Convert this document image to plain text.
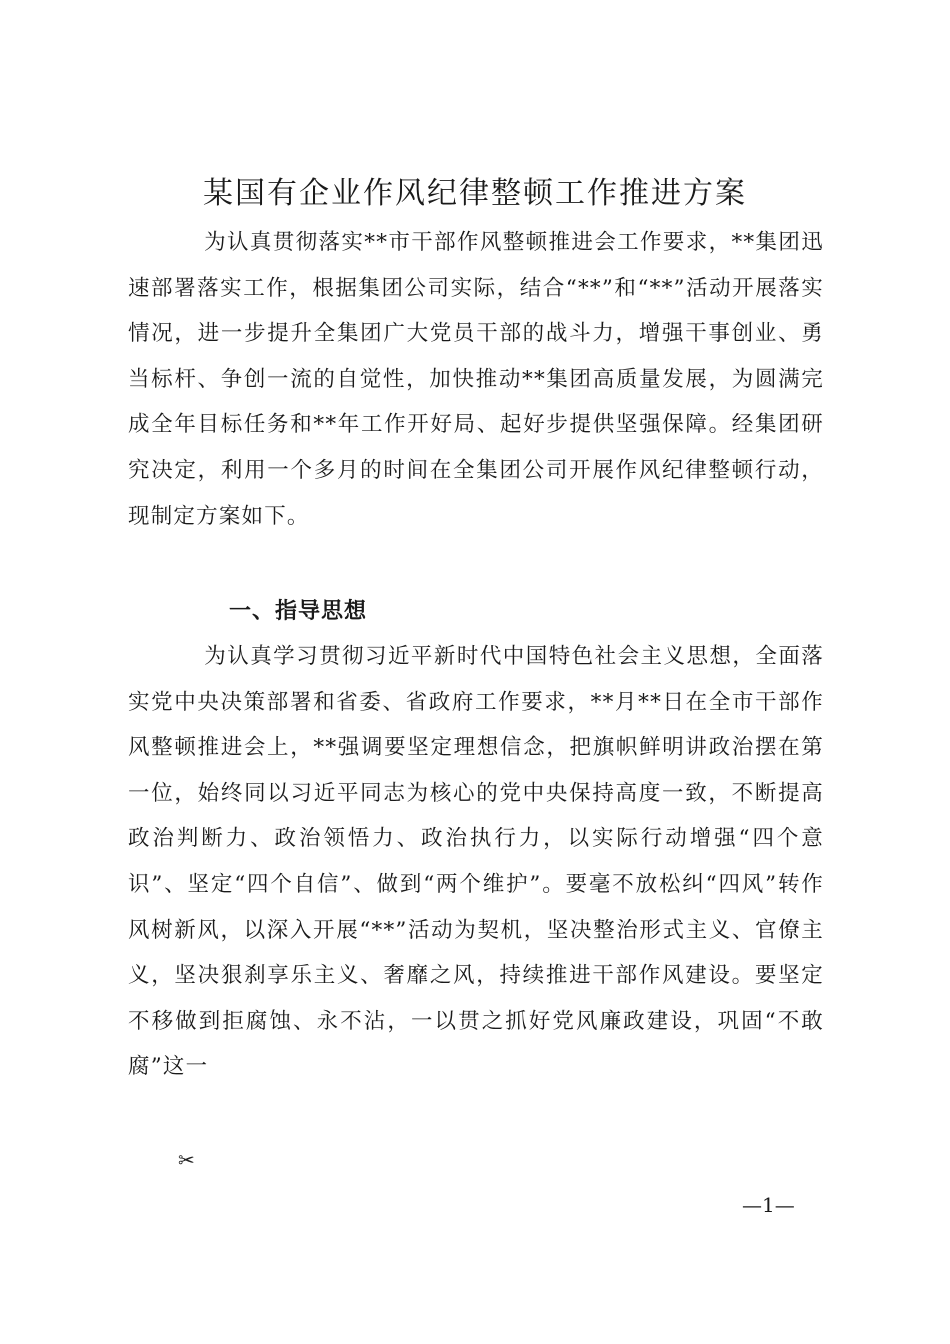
某国有企业作风纪律整顿工作推进方案

为认真贯彻落实**市干部作风整顿推进会工作要求，**集团迅速部署落实工作，根据集团公司实际，结合“**”和“**”活动开展落实情况，进一步提升全集团广大党员干部的战斗力，增强干事创业、勇当标杆、争创一流的自觉性，加快推动**集团高质量发展，为圆满完成全年目标任务和**年工作开好局、起好步提供坚强保障。经集团研究决定，利用一个多月的时间在全集团公司开展作风纪律整顿行动，现制定方案如下。

一、指导思想

为认真学习贯彻习近平新时代中国特色社会主义思想，全面落实党中央决策部署和省委、省政府工作要求，**月**日在全市干部作风整顿推进会上，**强调要坚定理想信念，把旗帜鲜明讲政治摆在第一位，始终同以习近平同志为核心的党中央保持高度一致，不断提高政治判断力、政治领悟力、政治执行力，以实际行动增强“四个意识”、坚定“四个自信”、做到“两个维护”。要毫不放松纠“四风”转作风树新风，以深入开展“**”活动为契机，坚决整治形式主义、官僚主义，坚决狠刹享乐主义、奢靡之风，持续推进干部作风建设。要坚定不移做到拒腐蚀、永不沾，一以贯之抓好党风廉政建设，巩固“不敢腐”这一

✂
—1—
